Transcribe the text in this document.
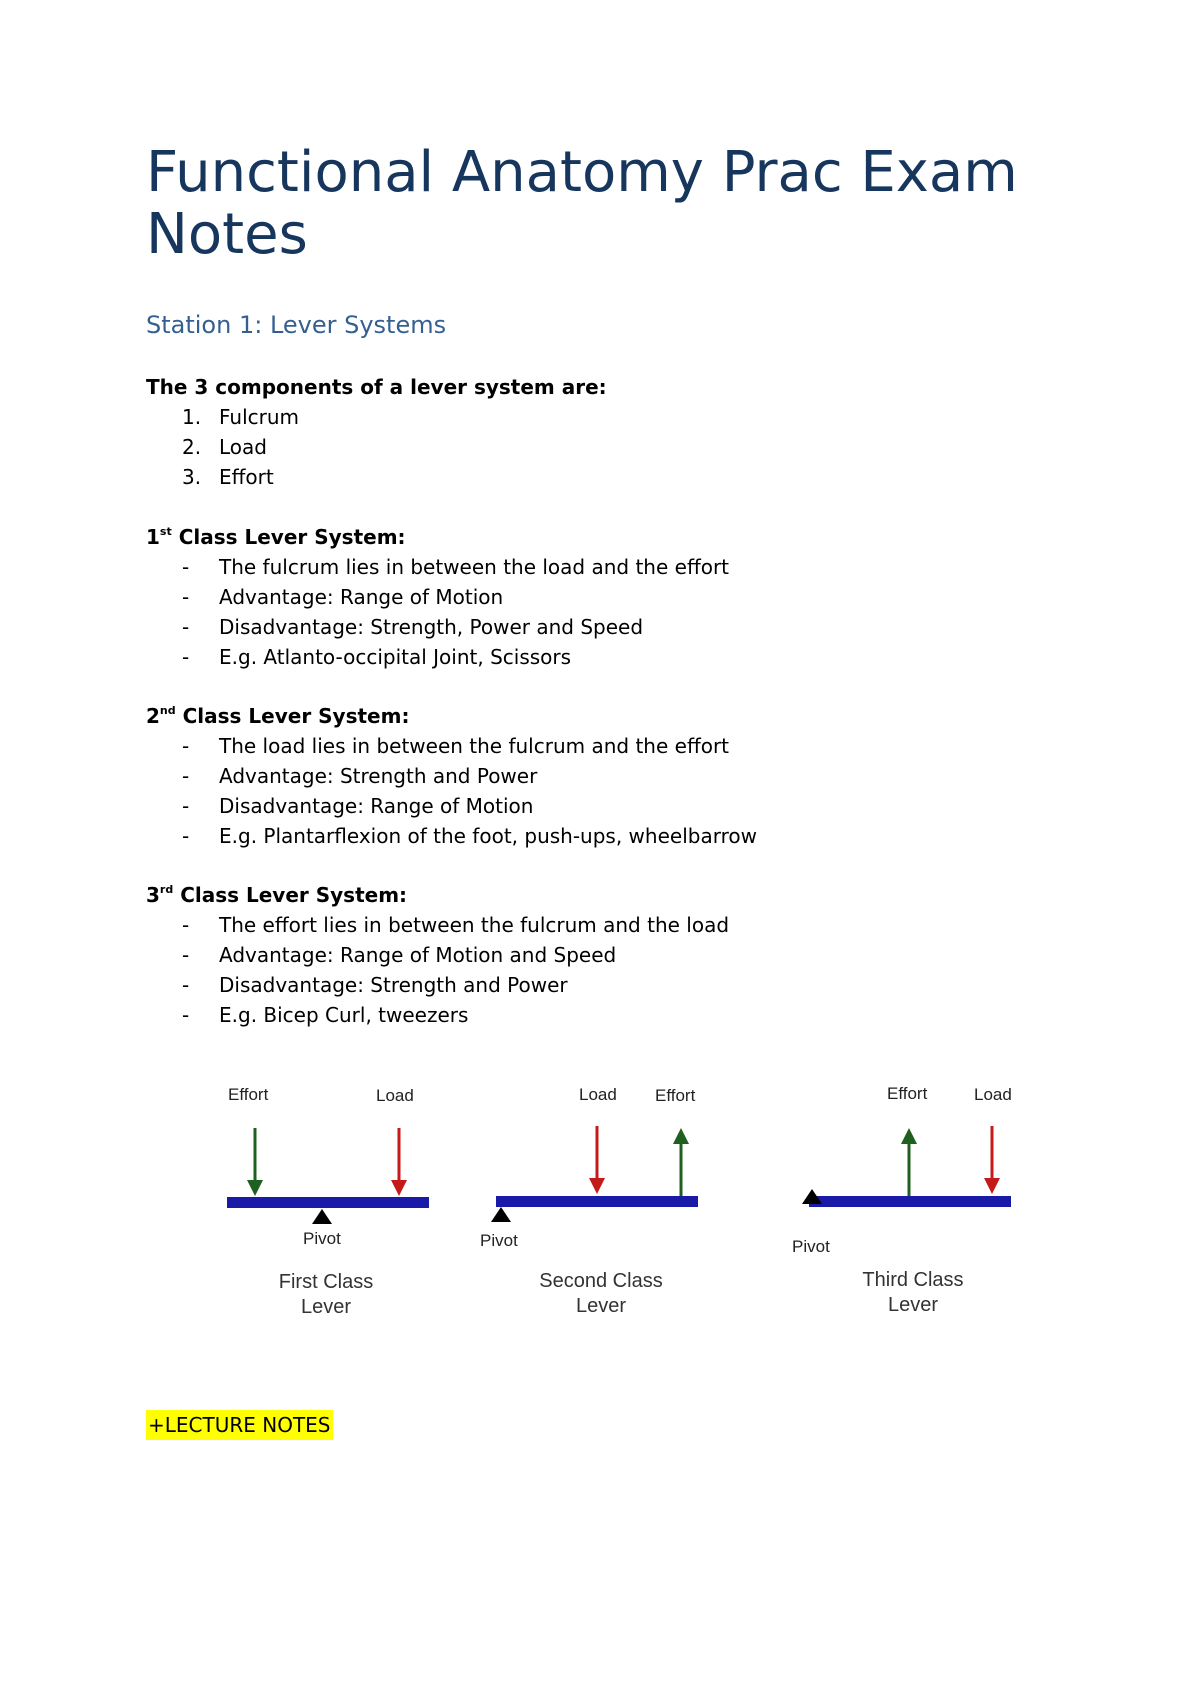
Functional Anatomy Prac Exam Notes
Station 1: Lever Systems
The 3 components of a lever system are:
1. Fulcrum
2. Load
3. Effort
1st Class Lever System:
-	The fulcrum lies in between the load and the effort
-	Advantage: Range of Motion
-	Disadvantage: Strength, Power and Speed
-	E.g. Atlanto-occipital Joint, Scissors
2nd Class Lever System:
-	The load lies in between the fulcrum and the effort
-	Advantage: Strength and Power
-	Disadvantage: Range of Motion
-	E.g. Plantarflexion of the foot, push-ups, wheelbarrow
3rd Class Lever System:
-	The effort lies in between the fulcrum and the load
-	Advantage: Range of Motion and Speed
-	Disadvantage: Strength and Power
-	E.g. Bicep Curl, tweezers
Effort	Load
Pivot
First Class
Lever
Load Effort
Pivot
Second Class
Lever
Effort	Load
Pivot
Third Class
Lever
+LECTURE NOTES
